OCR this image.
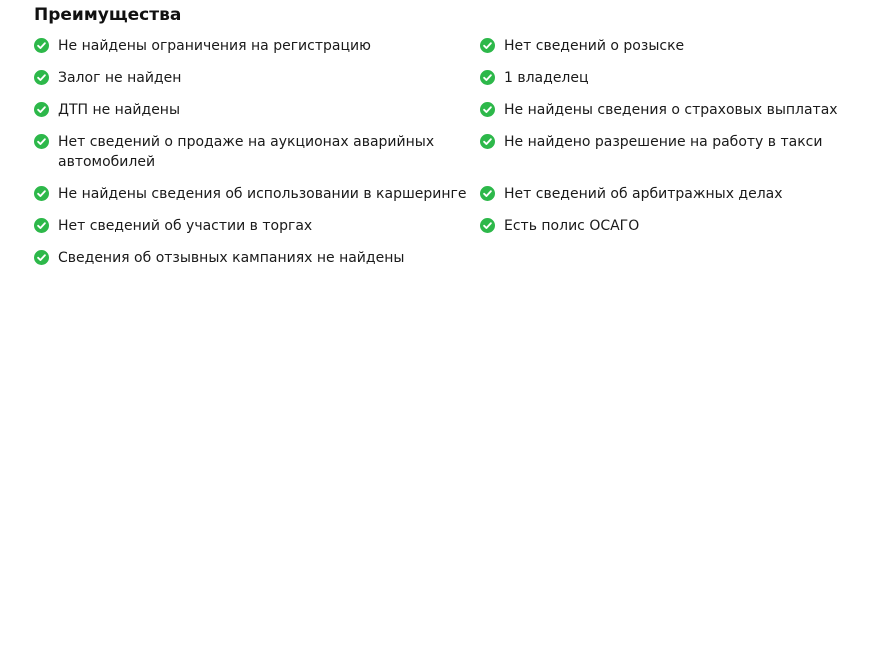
Преимущества
Не найдены ограничения на регистрацию	Нет сведений о розыске
Залог не найден	1 владелец
ДТП не найдены	Не найдены сведения о страховых выплатах
Нет сведений о продаже на аукционах аварийных автомобилей
Не найдено разрешение на работу в такси
Не найдены сведения об использовании в каршеринге	Нет сведений об арбитражных делах
Нет сведений об участии в торгах	Есть полис ОСАГО
Сведения об отзывных кампаниях не найдены
